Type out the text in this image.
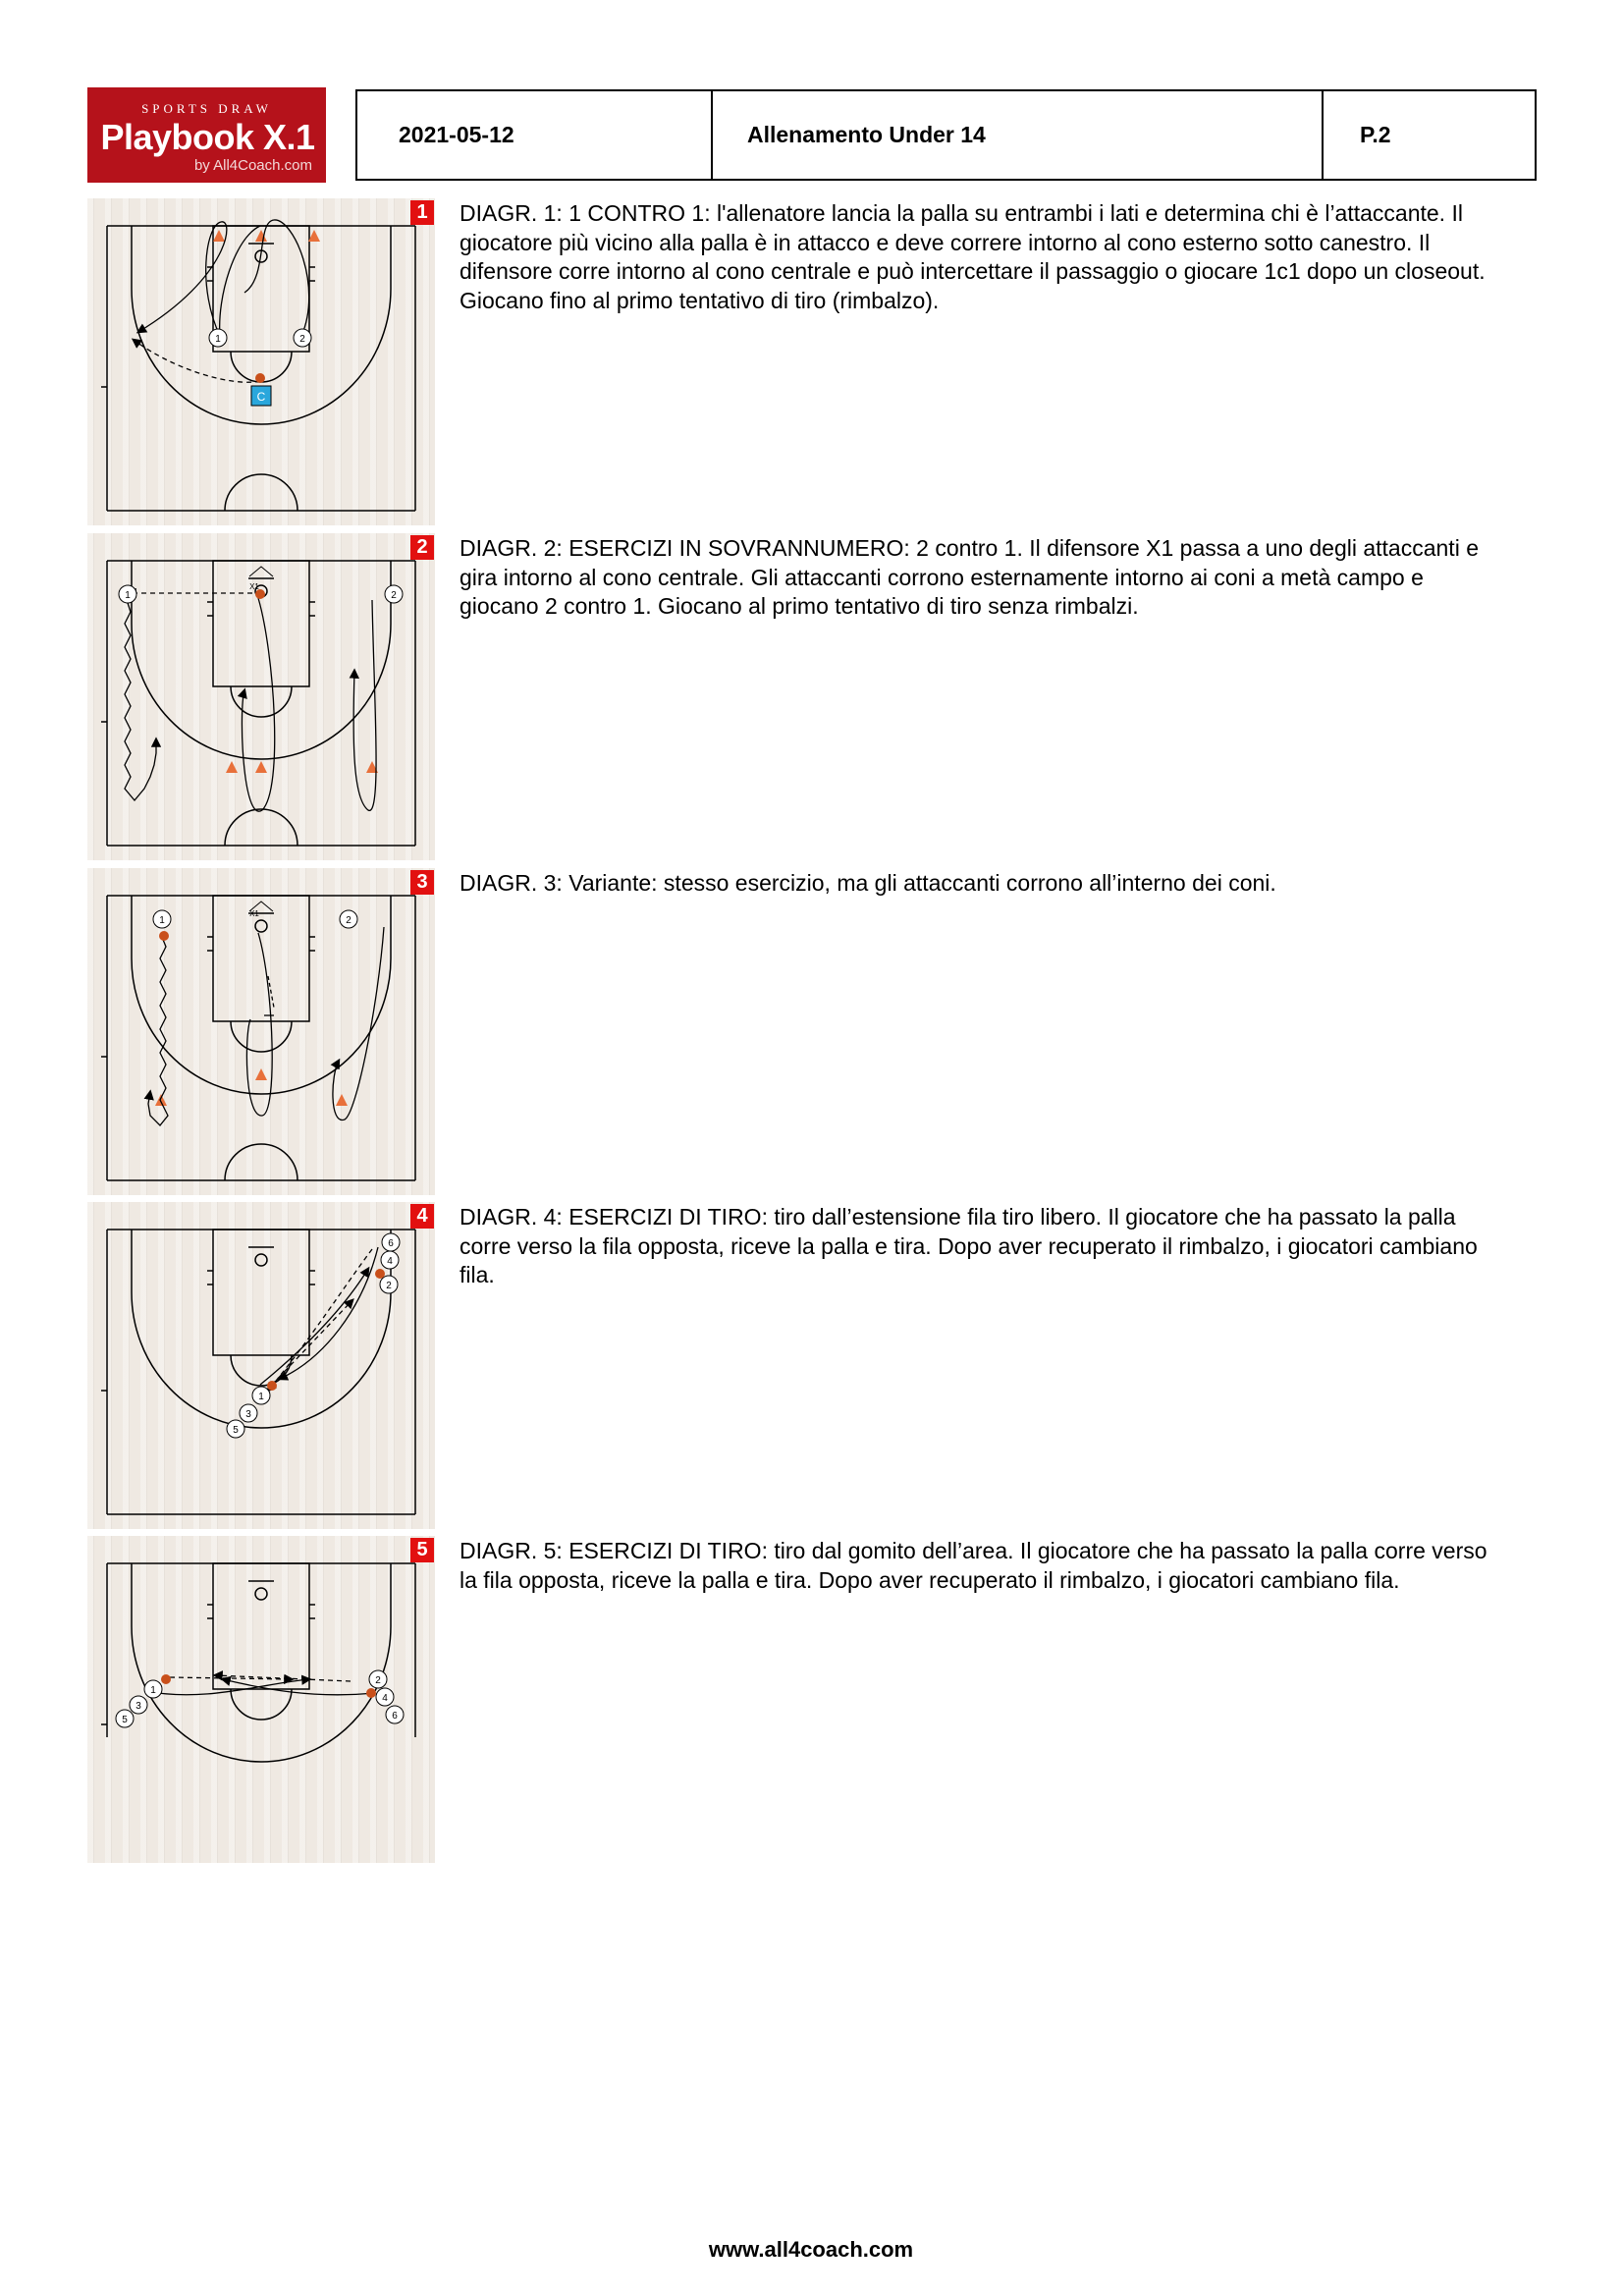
SPORTS DRAW
Playbook X.1
by All4Coach.com
2021-05-12	Allenamento Under 14	P.2
1	2
C
1 DIAGR. 1: 1 CONTRO 1: l'allenatore lancia la palla su entrambi i lati e determina chi è l’attaccante. Il giocatore più vicino alla palla è in attacco e deve correre intorno al cono esterno sotto canestro. Il difensore corre intorno al cono centrale e può intercettare il passaggio o giocare 1c1 dopo un closeout. Giocano fino al primo tentativo di tiro (rimbalzo).
1	2
X1
2 DIAGR. 2: ESERCIZI IN SOVRANNUMERO: 2 contro 1. Il difensore X1 passa a uno degli attaccanti e gira intorno al cono centrale. Gli attaccanti corrono esternamente intorno ai coni a metà campo e giocano 2 contro 1. Giocano al primo tentativo di tiro senza rimbalzi.
1	2
X1
3 DIAGR. 3: Variante: stesso esercizio, ma gli attaccanti corrono all’interno dei coni.
6
4
2
1
3
5
4 DIAGR. 4: ESERCIZI DI TIRO: tiro dall’estensione fila tiro libero. Il giocatore che ha passato la palla corre verso la fila opposta, riceve la palla e tira. Dopo aver recuperato il rimbalzo, i giocatori cambiano fila.
1
3
5
2
4
6
5 DIAGR. 5: ESERCIZI DI TIRO: tiro dal gomito dell’area. Il giocatore che ha passato la palla corre verso la fila opposta, riceve la palla e tira. Dopo aver recuperato il rimbalzo, i giocatori cambiano fila.
www.all4coach.com
